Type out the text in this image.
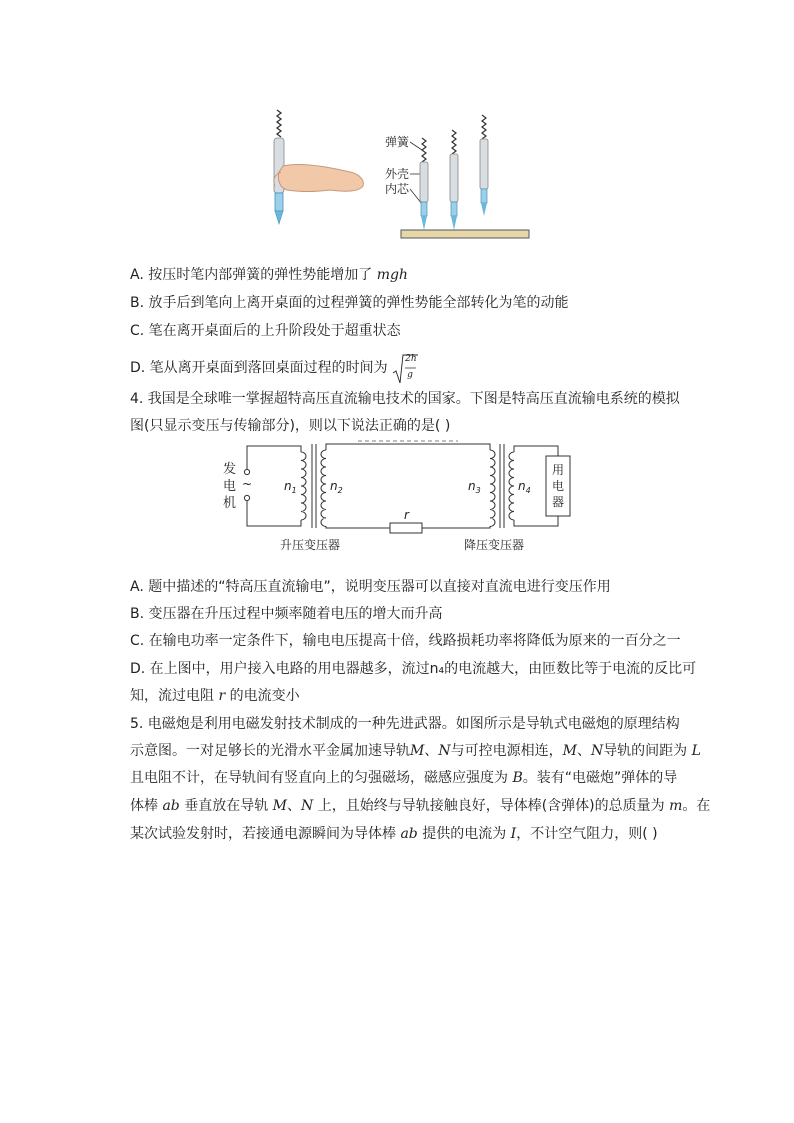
弹簧
外壳
内芯
A. 按压时笔内部弹簧的弹性势能增加了 mgh
B. 放手后到笔向上离开桌面的过程弹簧的弹性势能全部转化为笔的动能
C. 笔在离开桌面后的上升阶段处于超重状态
D. 笔从离开桌面到落回桌面过程的时间为
2h
g
4. 我国是全球唯一掌握超特高压直流输电技术的国家。下图是特高压直流输电系统的模拟
图(只显示变压与传输部分)，则以下说法正确的是( )
发
电
机
~	$n_1$	$n_2$
r
$n_3$	$n_4$
用
电
器
升压变压器	降压变压器
A. 题中描述的“特高压直流输电”，说明变压器可以直接对直流电进行变压作用
B. 变压器在升压过程中频率随着电压的增大而升高
C. 在输电功率一定条件下，输电电压提高十倍，线路损耗功率将降低为原来的一百分之一
D. 在上图中，用户接入电路的用电器越多，流过n₄的电流越大，由匝数比等于电流的反比可
知，流过电阻 r 的电流变小
5. 电磁炮是利用电磁发射技术制成的一种先进武器。如图所示是导轨式电磁炮的原理结构
示意图。一对足够长的光滑水平金属加速导轨M、N与可控电源相连，M、N导轨的间距为 L
且电阻不计，在导轨间有竖直向上的匀强磁场，磁感应强度为 B。装有“电磁炮”弹体的导
体棒 ab 垂直放在导轨 M、N 上，且始终与导轨接触良好，导体棒(含弹体)的总质量为 m。在
某次试验发射时，若接通电源瞬间为导体棒 ab 提供的电流为 I，不计空气阻力，则( )
